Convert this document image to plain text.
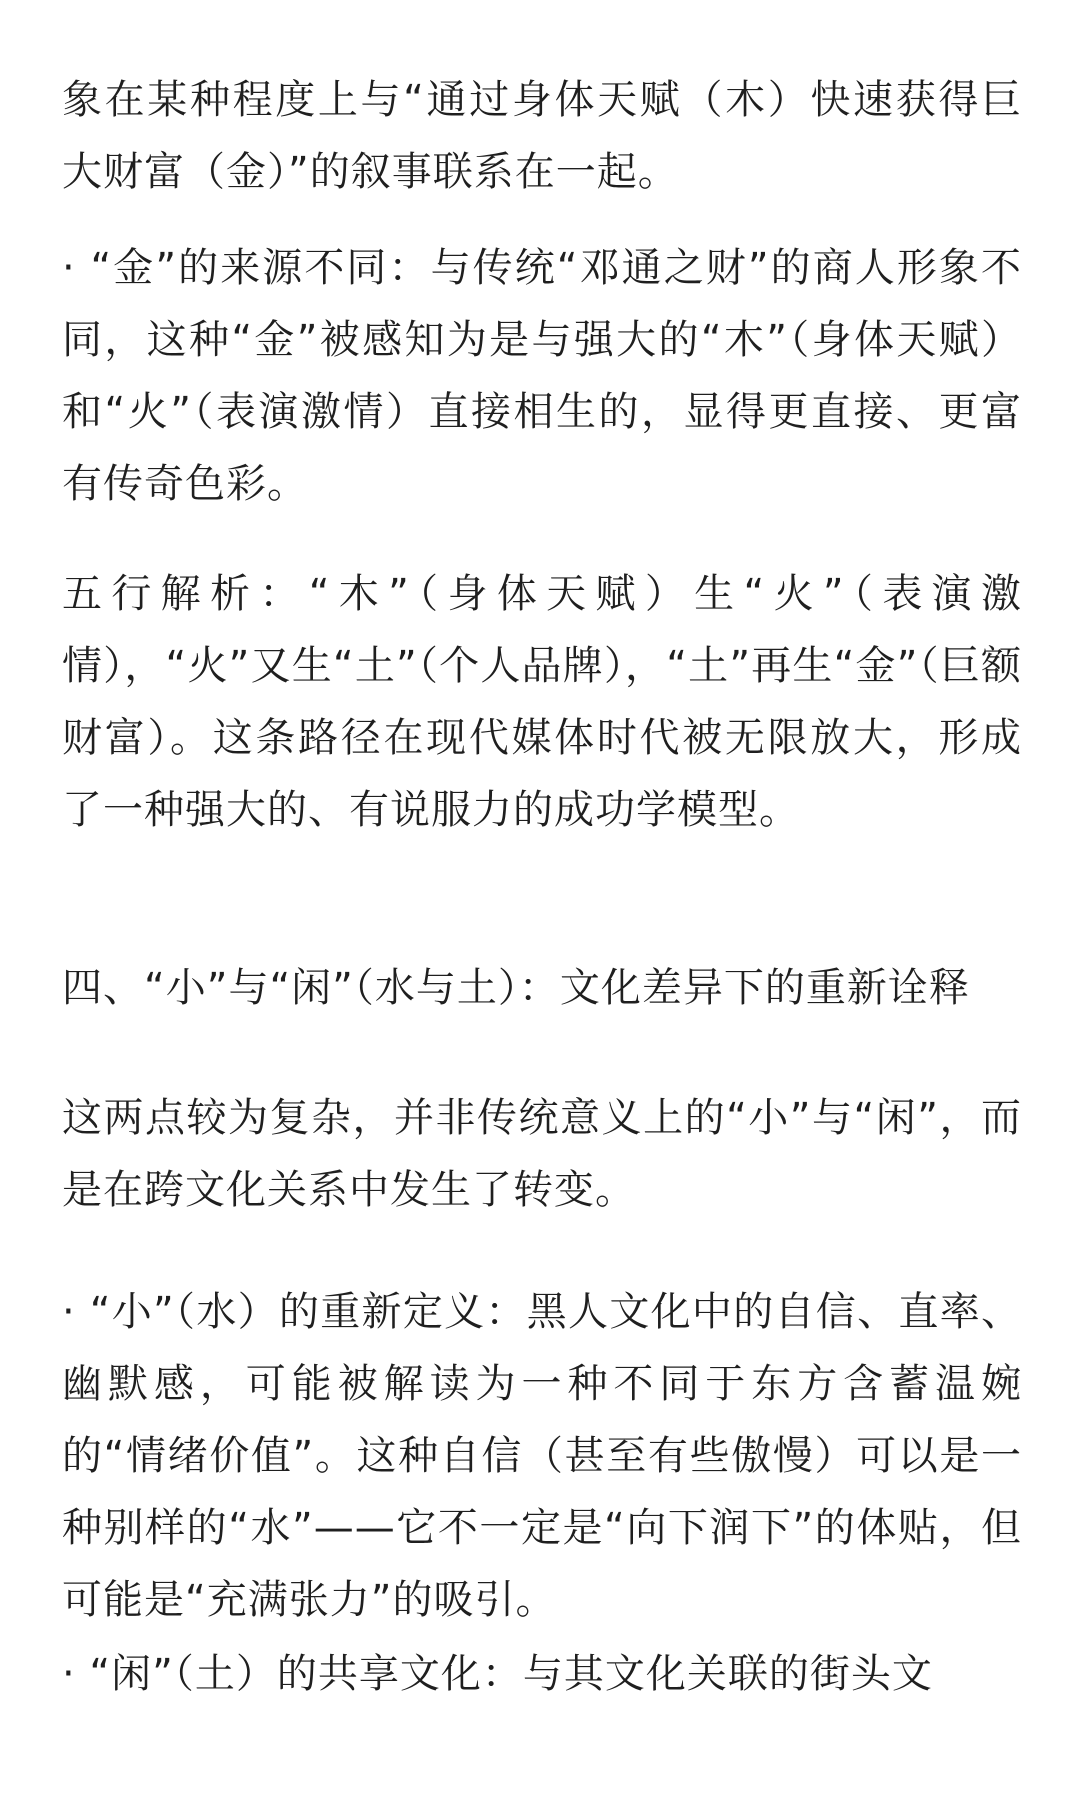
象在某种程度上与“通过身体天赋（木）快速获得巨大财富（金）”的叙事联系在一起。

· “金”的来源不同：与传统“邓通之财”的商人形象不同，这种“金”被感知为是与强大的“木”（身体天赋）和“火”（表演激情）直接相生的，显得更直接、更富有传奇色彩。

五行解析：“木”（身体天赋）生“火”（表演激情），“火”又生“土”（个人品牌），“土”再生“金”（巨额财富）。这条路径在现代媒体时代被无限放大，形成了一种强大的、有说服力的成功学模型。

四、“小”与“闲”（水与土）：文化差异下的重新诠释

这两点较为复杂，并非传统意义上的“小”与“闲”，而是在跨文化关系中发生了转变。

· “小”（水）的重新定义：黑人文化中的自信、直率、幽默感，可能被解读为一种不同于东方含蓄温婉的“情绪价值”。这种自信（甚至有些傲慢）可以是一种别样的“水”——它不一定是“向下润下”的体贴，但可能是“充满张力”的吸引。

· “闲”（土）的共享文化：与其文化关联的街头文
